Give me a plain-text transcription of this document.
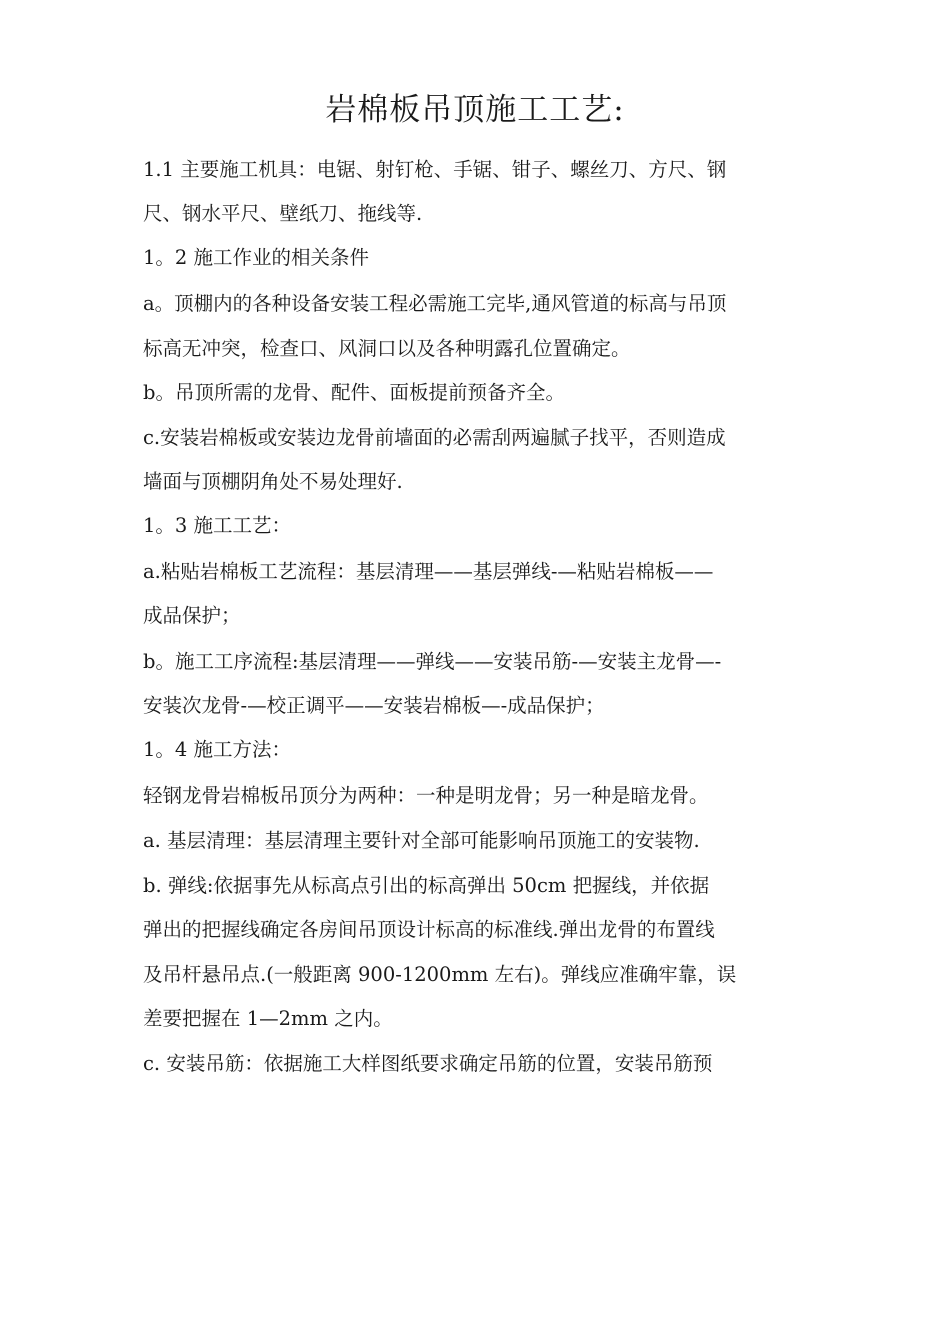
岩棉板吊顶施工工艺:

1.1 主要施工机具：电锯、射钉枪、手锯、钳子、螺丝刀、方尺、钢

尺、钢水平尺、壁纸刀、拖线等.

1。2 施工作业的相关条件

a。顶棚内的各种设备安装工程必需施工完毕,通风管道的标高与吊顶

标高无冲突，检查口、风洞口以及各种明露孔位置确定。

b。吊顶所需的龙骨、配件、面板提前预备齐全。

c.安装岩棉板或安装边龙骨前墙面的必需刮两遍腻子找平，否则造成

墙面与顶棚阴角处不易处理好.

1。3 施工工艺：

a.粘贴岩棉板工艺流程：基层清理——基层弹线-—粘贴岩棉板——

成品保护；

b。施工工序流程:基层清理——弹线——安装吊筋-—安装主龙骨—-

安装次龙骨-—校正调平——安装岩棉板—-成品保护；

1。4 施工方法：

轻钢龙骨岩棉板吊顶分为两种：一种是明龙骨；另一种是暗龙骨。

a. 基层清理：基层清理主要针对全部可能影响吊顶施工的安装物.

b. 弹线:依据事先从标高点引出的标高弹出 50cm 把握线，并依据

弹出的把握线确定各房间吊顶设计标高的标准线.弹出龙骨的布置线

及吊杆悬吊点.(一般距离 900-1200mm 左右)。弹线应准确牢靠，误

差要把握在 1—2mm 之内。

c. 安装吊筋：依据施工大样图纸要求确定吊筋的位置，安装吊筋预
